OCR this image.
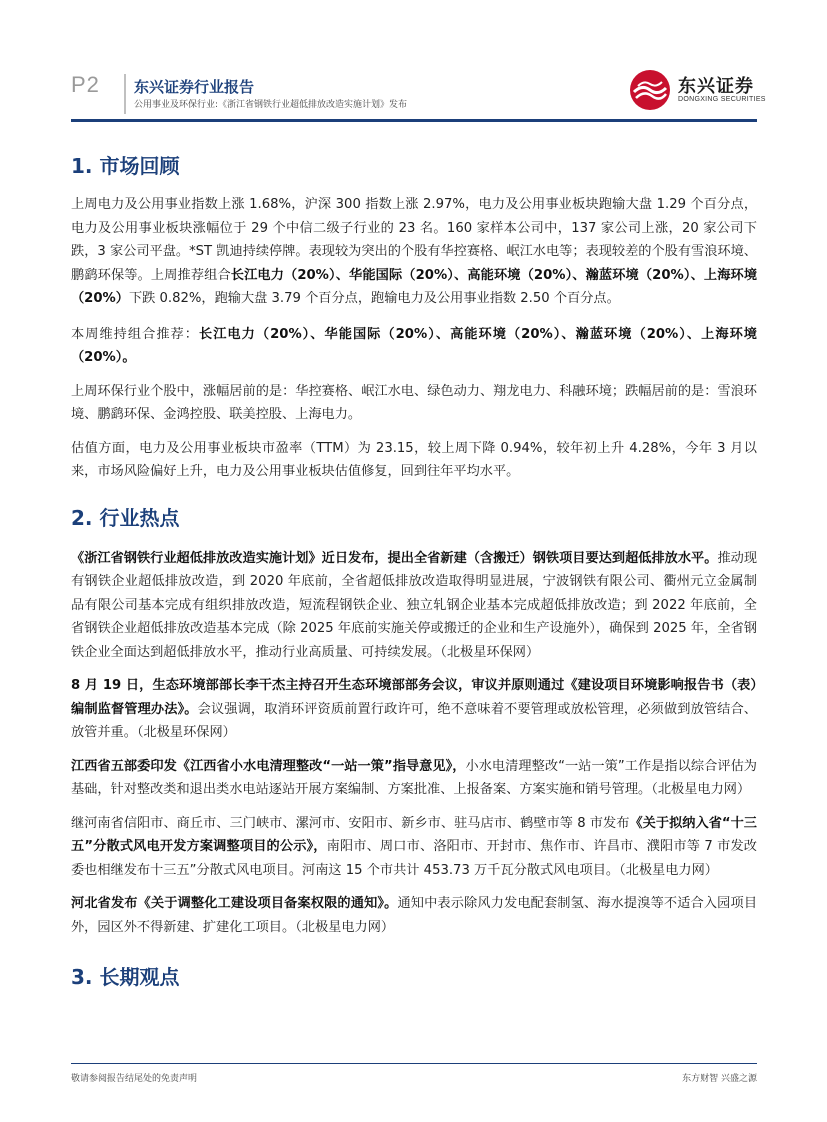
P2 东兴证券行业报告
公用事业及环保行业:《浙江省钢铁行业超低排放改造实施计划》发布
东兴证券
DONGXING SECURITIES
1. 市场回顾

上周电力及公用事业指数上涨 1.68%，沪深 300 指数上涨 2.97%，电力及公用事业板块跑输大盘 1.29 个百分点，电力及公用事业板块涨幅位于 29 个中信二级子行业的 23 名。160 家样本公司中，137 家公司上涨，20 家公司下跌，3 家公司平盘。*ST 凯迪持续停牌。表现较为突出的个股有华控赛格、岷江水电等；表现较差的个股有雪浪环境、鹏鹞环保等。上周推荐组合长江电力（20%）、华能国际（20%）、高能环境（20%）、瀚蓝环境（20%）、上海环境（20%）下跌 0.82%，跑输大盘 3.79 个百分点，跑输电力及公用事业指数 2.50 个百分点。

本周维持组合推荐：长江电力（20%）、华能国际（20%）、高能环境（20%）、瀚蓝环境（20%）、上海环境（20%）。

上周环保行业个股中，涨幅居前的是：华控赛格、岷江水电、绿色动力、翔龙电力、科融环境；跌幅居前的是：雪浪环境、鹏鹞环保、金鸿控股、联美控股、上海电力。

估值方面，电力及公用事业板块市盈率（TTM）为 23.15，较上周下降 0.94%，较年初上升 4.28%，今年 3 月以来，市场风险偏好上升，电力及公用事业板块估值修复，回到往年平均水平。

2. 行业热点

《浙江省钢铁行业超低排放改造实施计划》近日发布，提出全省新建（含搬迁）钢铁项目要达到超低排放水平。推动现有钢铁企业超低排放改造，到 2020 年底前，全省超低排放改造取得明显进展，宁波钢铁有限公司、衢州元立金属制品有限公司基本完成有组织排放改造，短流程钢铁企业、独立轧钢企业基本完成超低排放改造；到 2022 年底前，全省钢铁企业超低排放改造基本完成（除 2025 年底前实施关停或搬迁的企业和生产设施外），确保到 2025 年，全省钢铁企业全面达到超低排放水平，推动行业高质量、可持续发展。（北极星环保网）

8 月 19 日，生态环境部部长李干杰主持召开生态环境部部务会议，审议并原则通过《建设项目环境影响报告书（表）编制监督管理办法》。会议强调，取消环评资质前置行政许可，绝不意味着不要管理或放松管理，必须做到放管结合、放管并重。（北极星环保网）

江西省五部委印发《江西省小水电清理整改“一站一策”指导意见》，小水电清理整改“一站一策”工作是指以综合评估为基础，针对整改类和退出类水电站逐站开展方案编制、方案批准、上报备案、方案实施和销号管理。（北极星电力网）

继河南省信阳市、商丘市、三门峡市、漯河市、安阳市、新乡市、驻马店市、鹤壁市等 8 市发布《关于拟纳入省“十三五”分散式风电开发方案调整项目的公示》，南阳市、周口市、洛阳市、开封市、焦作市、许昌市、濮阳市等 7 市发改委也相继发布十三五”分散式风电项目。河南这 15 个市共计 453.73 万千瓦分散式风电项目。（北极星电力网）

河北省发布《关于调整化工建设项目备案权限的通知》。通知中表示除风力发电配套制氢、海水提溴等不适合入园项目外，园区外不得新建、扩建化工项目。（北极星电力网）

3. 长期观点
敬请参阅报告结尾处的免责声明	东方财智 兴盛之源
